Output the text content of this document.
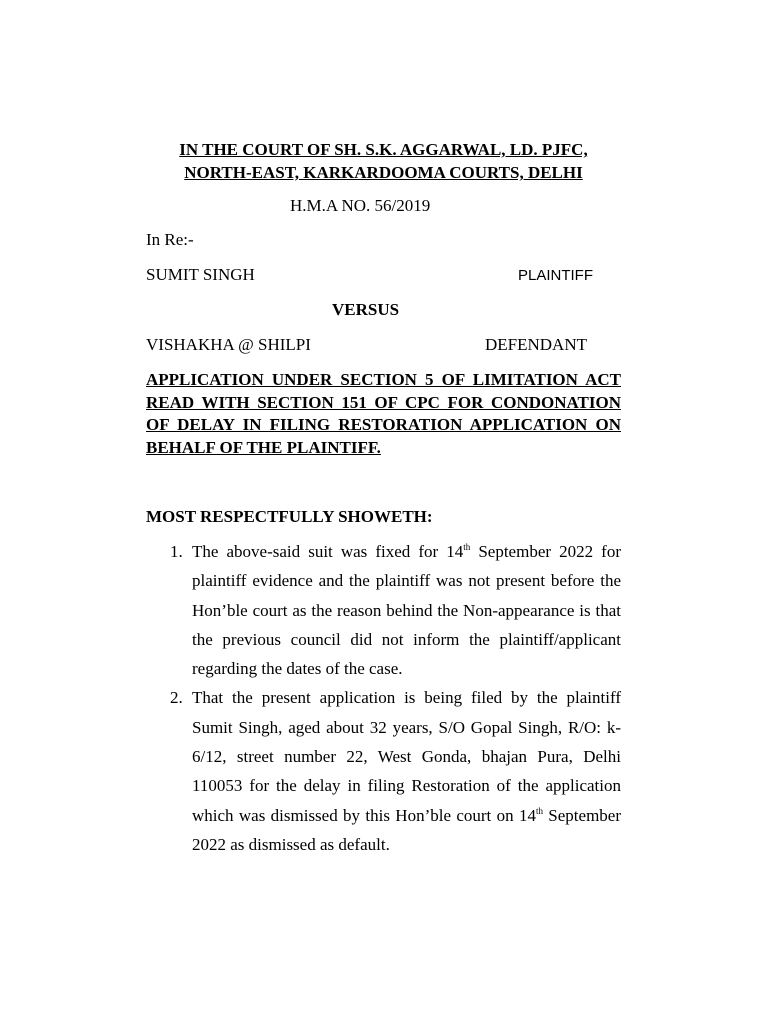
IN THE COURT OF SH. S.K. AGGARWAL, LD. PJFC,
NORTH-EAST, KARKARDOOMA COURTS, DELHI
H.M.A NO. 56/2019
In Re:-
SUMIT SINGH	PLAINTIFF
VERSUS
VISHAKHA @ SHILPI	DEFENDANT
APPLICATION UNDER SECTION 5 OF LIMITATION ACT READ WITH SECTION 151 OF CPC FOR CONDONATION OF DELAY IN FILING RESTORATION APPLICATION ON BEHALF OF THE PLAINTIFF.
MOST RESPECTFULLY SHOWETH:
1. The above-said suit was fixed for 14th September 2022 for plaintiff evidence and the plaintiff was not present before the Hon’ble court as the reason behind the Non-appearance is that the previous council did not inform the plaintiff/applicant regarding the dates of the case.
2. That the present application is being filed by the plaintiff Sumit Singh, aged about 32 years, S/O Gopal Singh, R/O: k-6/12, street number 22, West Gonda, bhajan Pura, Delhi 110053 for the delay in filing Restoration of the application which was dismissed by this Hon’ble court on 14th September 2022 as dismissed as default.
